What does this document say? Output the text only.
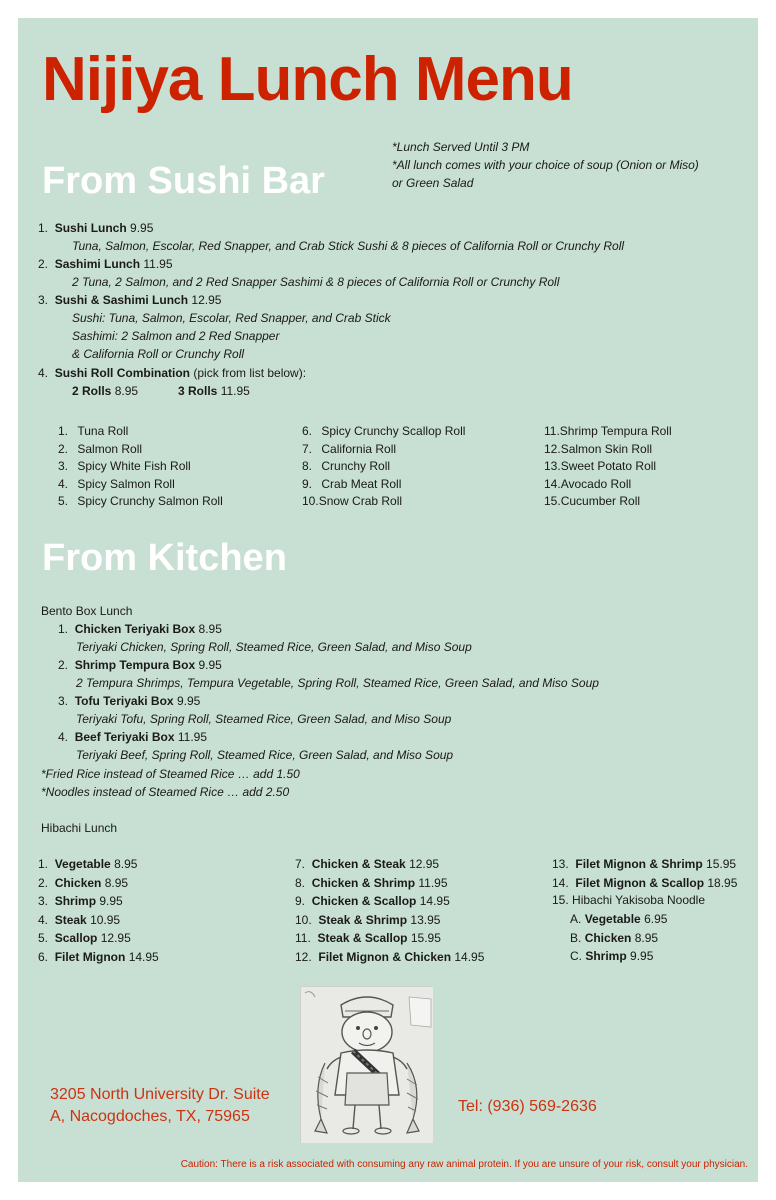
Nijiya Lunch Menu
From Sushi Bar
*Lunch Served Until 3 PM
*All lunch comes with your choice of soup (Onion or Miso)
or Green Salad
1. Sushi Lunch 9.95
Tuna, Salmon, Escolar, Red Snapper, and Crab Stick Sushi & 8 pieces of California Roll or Crunchy Roll
2. Sashimi Lunch 11.95
2 Tuna, 2 Salmon, and 2 Red Snapper Sashimi & 8 pieces of California Roll or Crunchy Roll
3. Sushi & Sashimi Lunch 12.95
Sushi: Tuna, Salmon, Escolar, Red Snapper, and Crab Stick
Sashimi: 2 Salmon and 2 Red Snapper
& California Roll or Crunchy Roll
4. Sushi Roll Combination (pick from list below):
2 Rolls 8.95	3 Rolls 11.95
1. Tuna Roll
2. Salmon Roll
3. Spicy White Fish Roll
4. Spicy Salmon Roll
5. Spicy Crunchy Salmon Roll
6. Spicy Crunchy Scallop Roll
7. California Roll
8. Crunchy Roll
9. Crab Meat Roll
10.Snow Crab Roll
11.Shrimp Tempura Roll
12.Salmon Skin Roll
13.Sweet Potato Roll
14.Avocado Roll
15.Cucumber Roll
From Kitchen
Bento Box Lunch
1. Chicken Teriyaki Box 8.95
Teriyaki Chicken, Spring Roll, Steamed Rice, Green Salad, and Miso Soup
2. Shrimp Tempura Box 9.95
2 Tempura Shrimps, Tempura Vegetable, Spring Roll, Steamed Rice, Green Salad, and Miso Soup
3. Tofu Teriyaki Box 9.95
Teriyaki Tofu, Spring Roll, Steamed Rice, Green Salad, and Miso Soup
4. Beef Teriyaki Box 11.95
Teriyaki Beef, Spring Roll, Steamed Rice, Green Salad, and Miso Soup
*Fried Rice instead of Steamed Rice … add 1.50
*Noodles instead of Steamed Rice … add 2.50
Hibachi Lunch
1. Vegetable 8.95
2. Chicken 8.95
3. Shrimp 9.95
4. Steak 10.95
5. Scallop 12.95
6. Filet Mignon 14.95
7. Chicken & Steak 12.95
8. Chicken & Shrimp 11.95
9. Chicken & Scallop 14.95
10. Steak & Shrimp 13.95
11. Steak & Scallop 15.95
12. Filet Mignon & Chicken 14.95
13. Filet Mignon & Shrimp 15.95
14. Filet Mignon & Scallop 18.95
15. Hibachi Yakisoba Noodle
A. Vegetable 6.95
B. Chicken 8.95
C. Shrimp 9.95
3205 North University Dr. Suite
A, Nacogdoches, TX, 75965
Tel: (936) 569-2636
Caution: There is a risk associated with consuming any raw animal protein. If you are unsure of your risk, consult your physician.
